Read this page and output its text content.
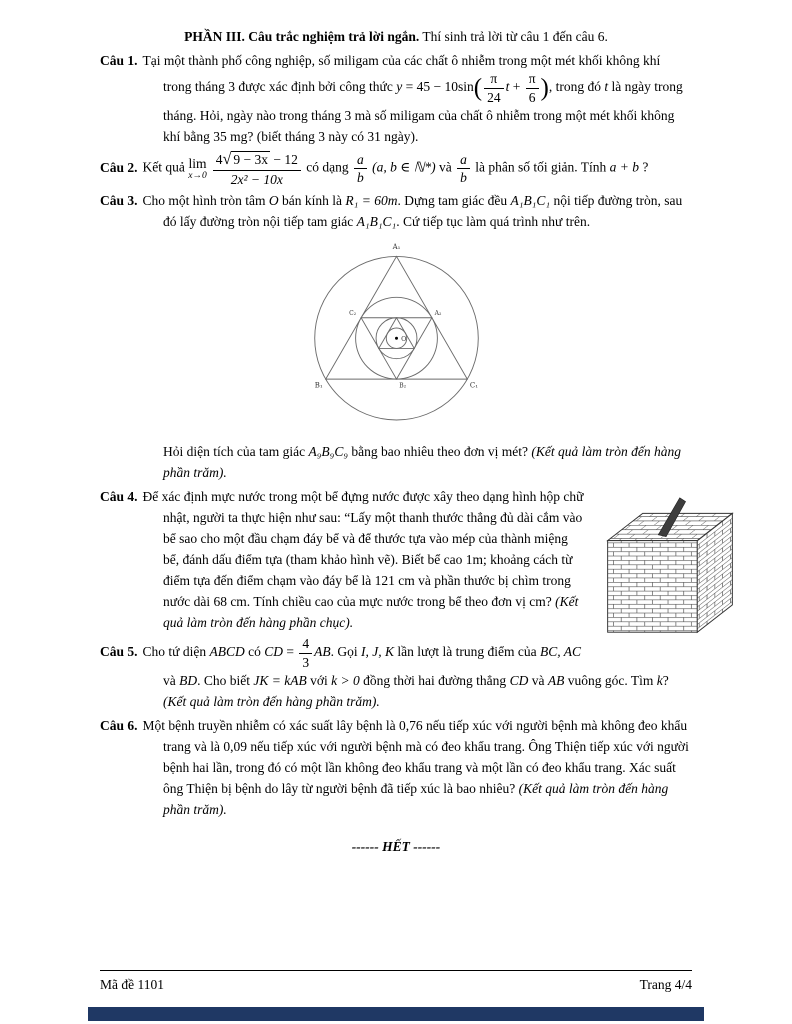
PHẦN III. Câu trắc nghiệm trả lời ngắn. Thí sinh trả lời từ câu 1 đến câu 6.

Câu 1. Tại một thành phố công nghiệp, số miligam của các chất ô nhiễm trong một mét khối không khí trong tháng 3 được xác định bởi công thức $y = 45 - 10\sin( \frac{\pi}{24}$ $t + \frac{\pi}{6}$ ), trong đó t là ngày trong tháng. Hỏi, ngày nào trong tháng 3 mà số miligam của chất ô nhiễm trong một mét khối không khí bằng 35 mg? (biết tháng 3 này có 31 ngày).

Câu 2. Kết quả lim
$x\to 0 \frac{4√ 9 - 3x - 12}{\text{2x² − 10x}}$ có dạng $\frac{a}{b} (a$, b ∈ ℕ*) và $\frac{a}{b}$ là phân số tối giản. Tính a + b ?

Câu 3. Cho một hình tròn tâm O bán kính là R₁ = 60m. Dựng tam giác đều A₁B₁C₁ nội tiếp đường tròn, sau đó lấy đường tròn nội tiếp tam giác A₁B₁C₁. Cứ tiếp tục làm quá trình như trên.

A₁
B₁	C₁
A₂
C₂
B₂
O
Hỏi diện tích của tam giác A₉B₉C₉ bằng bao nhiêu theo đơn vị mét? (Kết quả làm tròn đến hàng phần trăm).

Câu 4. Để xác định mực nước trong một bể đựng nước được xây theo dạng hình hộp chữ nhật, người ta thực hiện như sau: “Lấy một thanh thước thẳng đủ dài cắm vào bể sao cho một đầu chạm đáy bể và để thước tựa vào mép của thành miệng bể, đánh dấu điểm tựa (tham khảo hình vẽ). Biết bể cao 1m; khoảng cách từ điểm tựa đến điểm chạm vào đáy bể là 121 cm và phần thước bị chìm trong nước dài 68 cm. Tính chiều cao của mực nước trong bể theo đơn vị cm? (Kết quả làm tròn đến hàng phần chục).

Câu 5. Cho tứ diện ABCD có CD = $\frac{4}{3}$ AB. Gọi I, J, K lần lượt là trung điểm của BC, AC và BD. Cho biết JK = kAB với k > 0 đồng thời hai đường thẳng CD và AB vuông góc. Tìm k? (Kết quả làm tròn đến hàng phần trăm).

Câu 6. Một bệnh truyền nhiễm có xác suất lây bệnh là 0,76 nếu tiếp xúc với người bệnh mà không đeo khẩu trang và là 0,09 nếu tiếp xúc với người bệnh mà có đeo khẩu trang. Ông Thiện tiếp xúc với người bệnh hai lần, trong đó có một lần không đeo khẩu trang và một lần có đeo khẩu trang. Xác suất ông Thiện bị bệnh do lây từ người bệnh đã tiếp xúc là bao nhiêu? (Kết quả làm tròn đến hàng phần trăm).

------ HẾT ------
Mã đề 1101	Trang 4/4
